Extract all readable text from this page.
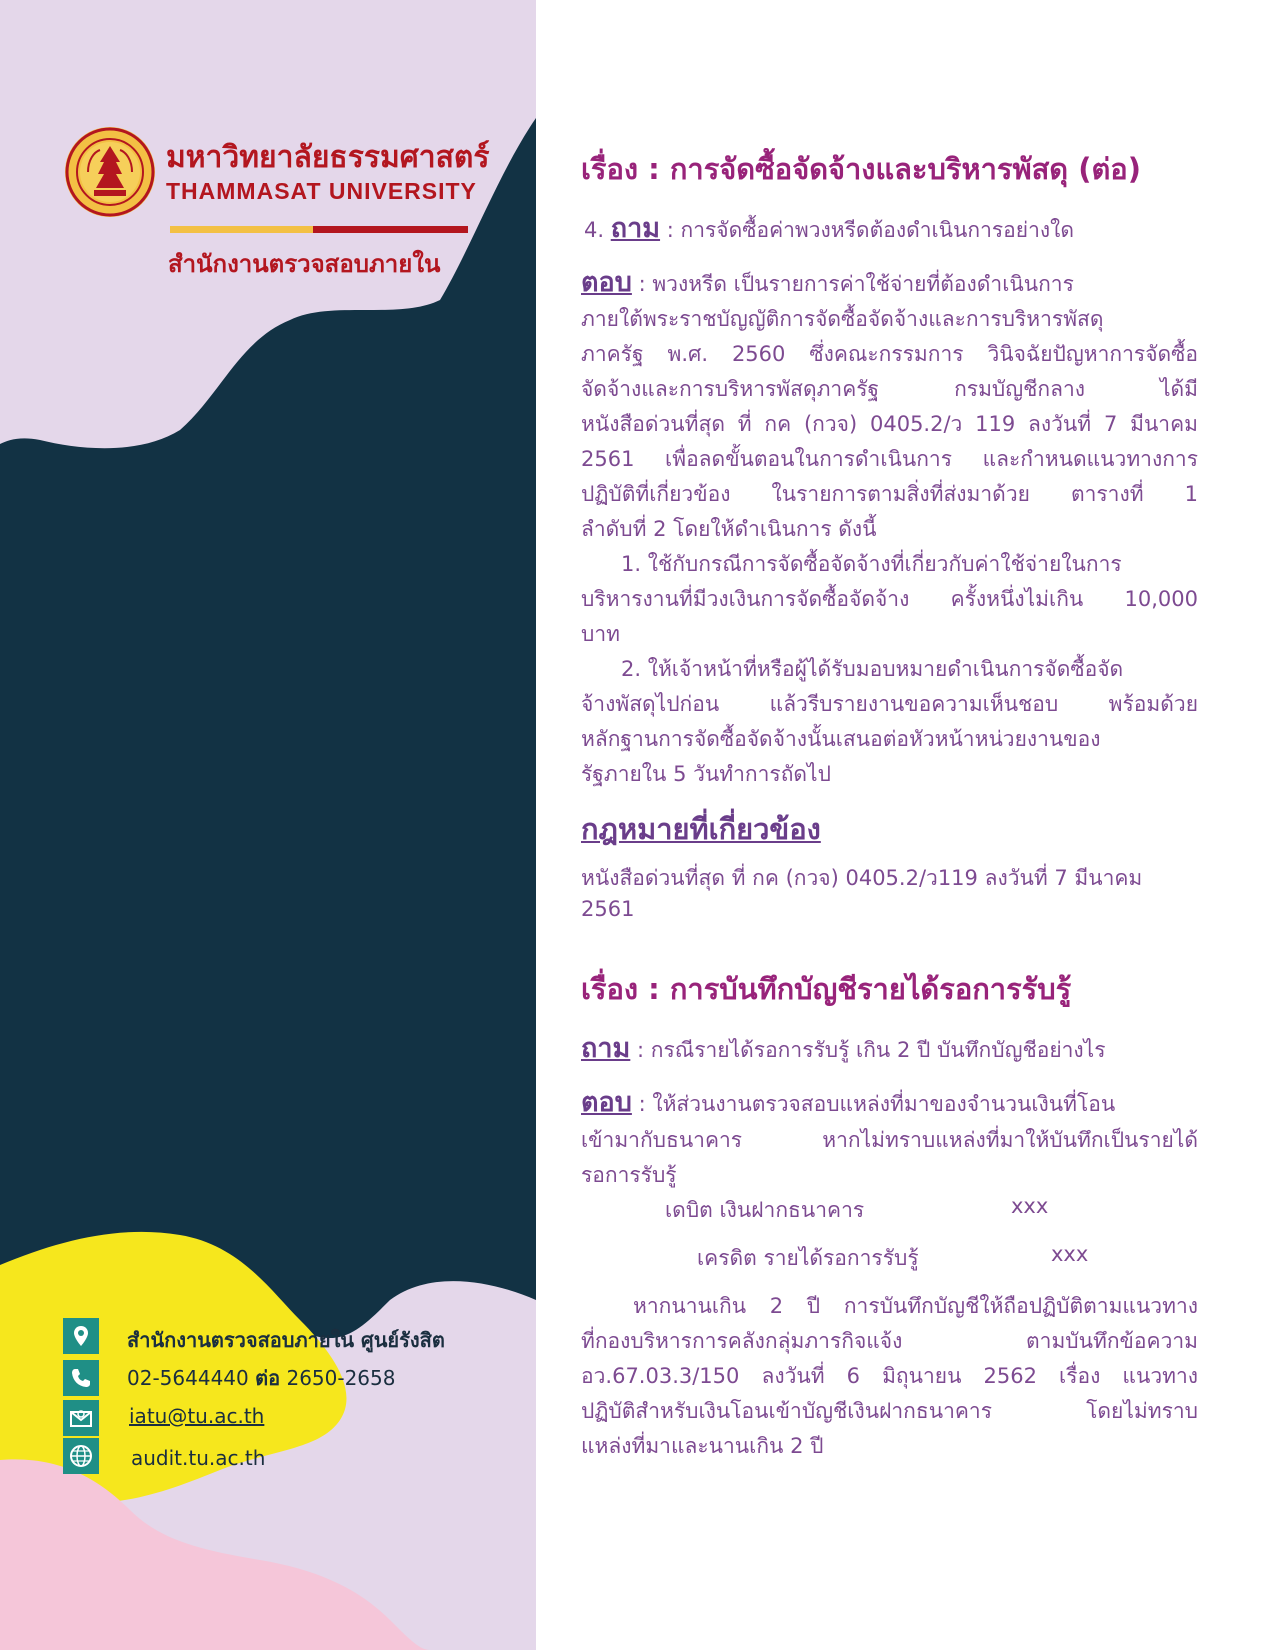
มหาวิทยาลัยธรรมศาสตร์
THAMMASAT UNIVERSITY
สำนักงานตรวจสอบภายใน
สำนักงานตรวจสอบภายใน ศูนย์รังสิต
02-5644440 ต่อ 2650-2658
iatu@tu.ac.th
audit.tu.ac.th
เรื่อง : การจัดซื้อจัดจ้างและบริหารพัสดุ (ต่อ)
4. ถาม : การจัดซื้อค่าพวงหรีดต้องดำเนินการอย่างใด
ตอบ : พวงหรีด เป็นรายการค่าใช้จ่ายที่ต้องดำเนินการ
ภายใต้พระราชบัญญัติการจัดซื้อจัดจ้างและการบริหารพัสดุ
ภาครัฐ พ.ศ. 2560 ซึ่งคณะกรรมการ วินิจฉัยปัญหาการจัดซื้อ
จัดจ้างและการบริหารพัสดุภาครัฐ กรมบัญชีกลาง ได้มี
หนังสือด่วนที่สุด ที่ กค (กวจ) 0405.2/ว 119 ลงวันที่ 7 มีนาคม
2561 เพื่อลดขั้นตอนในการดำเนินการ และกำหนดแนวทางการ
ปฏิบัติที่เกี่ยวข้อง ในรายการตามสิ่งที่ส่งมาด้วย ตารางที่ 1
ลำดับที่ 2 โดยให้ดำเนินการ ดังนี้
1. ใช้กับกรณีการจัดซื้อจัดจ้างที่เกี่ยวกับค่าใช้จ่ายในการ
บริหารงานที่มีวงเงินการจัดซื้อจัดจ้าง ครั้งหนึ่งไม่เกิน 10,000
บาท
2. ให้เจ้าหน้าที่หรือผู้ได้รับมอบหมายดำเนินการจัดซื้อจัด
จ้างพัสดุไปก่อน แล้วรีบรายงานขอความเห็นชอบ พร้อมด้วย
หลักฐานการจัดซื้อจัดจ้างนั้นเสนอต่อหัวหน้าหน่วยงานของ
รัฐภายใน 5 วันทำการถัดไป
กฎหมายที่เกี่ยวข้อง
หนังสือด่วนที่สุด ที่ กค (กวจ) 0405.2/ว119 ลงวันที่ 7 มีนาคม
2561
เรื่อง : การบันทึกบัญชีรายได้รอการรับรู้
ถาม : กรณีรายได้รอการรับรู้ เกิน 2 ปี บันทึกบัญชีอย่างไร
ตอบ : ให้ส่วนงานตรวจสอบแหล่งที่มาของจำนวนเงินที่โอน
เข้ามากับธนาคาร หากไม่ทราบแหล่งที่มาให้บันทึกเป็นรายได้
รอการรับรู้
เดบิต เงินฝากธนาคาร	xxx
เครดิต รายได้รอการรับรู้	xxx
หากนานเกิน 2 ปี การบันทึกบัญชีให้ถือปฏิบัติตามแนวทาง
ที่กองบริหารการคลังกลุ่มภารกิจแจ้ง ตามบันทึกข้อความ
อว.67.03.3/150 ลงวันที่ 6 มิถุนายน 2562 เรื่อง แนวทาง
ปฏิบัติสำหรับเงินโอนเข้าบัญชีเงินฝากธนาคาร โดยไม่ทราบ
แหล่งที่มาและนานเกิน 2 ปี
